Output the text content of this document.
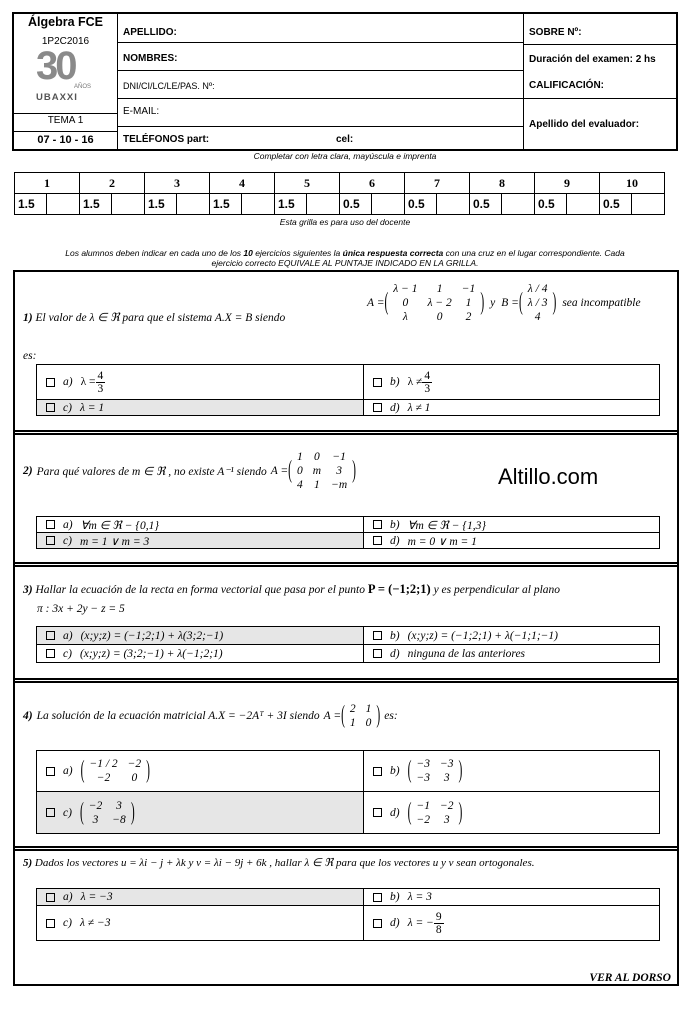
Álgebra FCE
1P2C2016
30 AÑOS
UBAXXI
TEMA 1
07 - 10 - 16
APELLIDO:
NOMBRES:
DNI/CI/LC/LE/PAS. Nº:
E-MAIL:
TELÉFONOS part:	cel:
SOBRE Nº:
Duración del examen: 2 hs
CALIFICACIÓN:
Apellido del evaluador:
Completar con letra clara, mayúscula e imprenta
1		2		3		4		5		6		7		8		9		10	
1.5		1.5		1.5		1.5		1.5		0.5		0.5		0.5		0.5		0.5	
Esta grilla es para uso del docente
Los alumnos deben indicar en cada uno de los 10 ejercicios siguientes la única respuesta correcta con una cruz en el lugar correspondiente. Cada
ejercicio correcto EQUIVALE AL PUNTAJE INDICADO EN LA GRILLA.
1) El valor de λ ∈ ℜ para que el sistema A.X = B siendo
A = (
λ − 1	1	−1
0	λ − 2	1
λ	0	2
) y B = (
λ / 4
λ / 3
4
) sea incompatible
es:
a) $\lambda = \frac{4}{3}$	b) $\lambda \ne \frac{4}{3}$
c) λ = 1	d) λ ≠ 1
2) Para qué valores de m ∈ ℜ , no existe A⁻¹ siendo A = (
1	0	−1
0	m	3
4	1	−m
)	Altillo.com
a) ∀m ∈ ℜ − {0,1}	b) ∀m ∈ ℜ − {1,3}
c) m = 1 ∨ m = 3	d) m = 0 ∨ m = 1
3) Hallar la ecuación de la recta en forma vectorial que pasa por el punto P = (−1;2;1) y es perpendicular al plano
π : 3x + 2y − z = 5
a) (x;y;z) = (−1;2;1) + λ(3;2;−1)	b) (x;y;z) = (−1;2;1) + λ(−1;1;−1)
c) (x;y;z) = (3;2;−1) + λ(−1;2;1)	d) ninguna de las anteriores
4) La solución de la ecuación matricial A.X = −2Aᵀ + 3I siendo A = ( 2	1
1	0 ) es:
a) ( −1 / 2	−2
−2	0 )	b) ( −3	−3
−3	3 )
c) ( −2	3
3	−8 )	d) ( −1	−2
−2	3 )
5) Dados los vectores u = λi − j + λk y v = λi − 9j + 6k , hallar λ ∈ ℜ para que los vectores u y v sean ortogonales.
a) λ = −3	b) λ = 3
c) λ ≠ −3	d) λ = − $\frac{9}{8}$
VER AL DORSO
